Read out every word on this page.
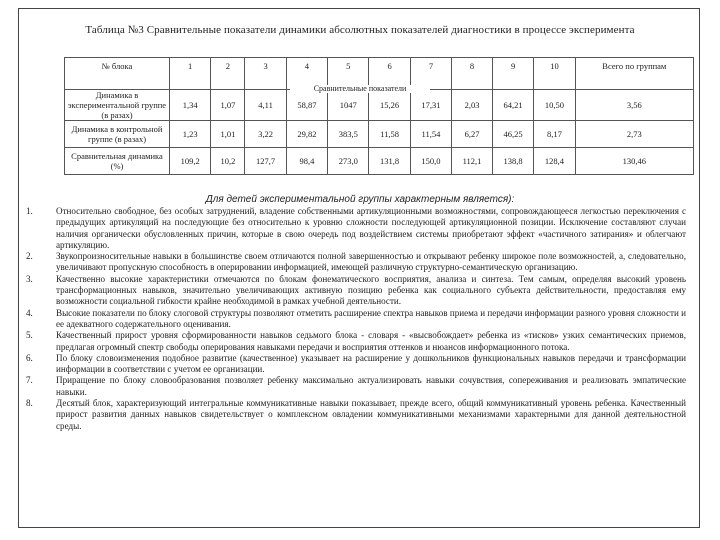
Таблица №3 Сравнительные показатели динамики абсолютных показателей диагностики в процессе эксперимента
№ блока	1	2	3	4	5	6	7	8	9	10	Всего по группам
Динамика в экспериментальной группе (в разах)	1,34	1,07	4,11	58,87	1047	15,26	17,31	2,03	64,21	10,50	3,56
Динамика в контрольной группе (в разах)	1,23	1,01	3,22	29,82	383,5	11,58	11,54	6,27	46,25	8,17	2,73
Сравнительная динамика (%)	109,2	10,2	127,7	98,4	273,0	131,8	150,0	112,1	138,8	128,4	130,46
Сравнительные показатели
Для детей экспериментальной группы характерным является):
1.	Относительно свободное, без особых затруднений, владение собственными артикуляционными возможностями, сопровождающееся легкостью переключения с предыдущих артикуляций на последующие без относительно к уровню сложности последующей артикуляционной позиции. Исключение составляют случаи наличия органически обусловленных причин, которые в свою очередь под воздействием системы приобретают эффект «частичного затирания» и облегчают артикуляцию.
2.	Звукопроизносительные навыки в большинстве своем отличаются полной завершенностью и открывают ребенку широкое поле возможностей, а, следовательно, увеличивают пропускную способность в оперировании информацией, имеющей различную структурно-семантическую организацию.
3.	Качественно высокие характеристики отмечаются по блокам фонематического восприятия, анализа и синтеза. Тем самым, определяя высокий уровень трансформационных навыков, значительно увеличивающих активную позицию ребенка как социального субъекта действительности, предоставляя ему возможности социальной гибкости крайне необходимой в рамках учебной деятельности.
4.	Высокие показатели по блоку слоговой структуры позволяют отметить расширение спектра навыков приема и передачи информации разного уровня сложности и ее адекватного содержательного оценивания.
5.	Качественный прирост уровня сформированности навыков седьмого блока - словаря - «высвобождает» ребенка из «тисков» узких семантических приемов, предлагая огромный спектр свободы оперирования навыками передачи и восприятия оттенков и нюансов информационного потока.
6.	По блоку словоизменения подобное развитие (качественное) указывает на расширение у дошкольников функциональных навыков передачи и трансформации информации в соответствии с учетом ее организации.
7.	Приращение по блоку словообразования позволяет ребенку максимально актуализировать навыки сочувствия, сопереживания и реализовать эмпатические навыки.
8.	Десятый блок, характеризующий интегральные коммуникативные навыки показывает, прежде всего, общий коммуникативный уровень ребенка. Качественный прирост развития данных навыков свидетельствует о комплексном овладении коммуникативными механизмами характерными для данной деятельностной среды.
